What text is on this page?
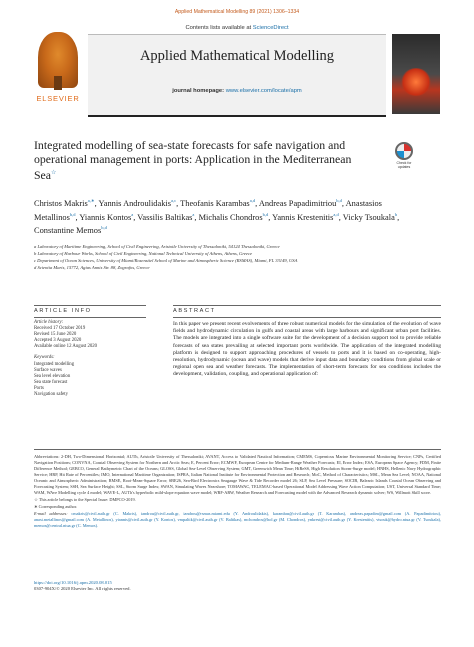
Applied Mathematical Modelling 89 (2021) 1306–1334
ELSEVIER
Contents lists available at ScienceDirect
Applied Mathematical Modelling
journal homepage: www.elsevier.com/locate/apm
Integrated modelling of sea-state forecasts for safe navigation and operational management in ports: Application in the Mediterranean Sea☆
Check for updates
Christos Makris$^{a,∗}$, Yannis Androulidakis$^{a,c}$, Theofanis Karambas$^{a,d}$, Andreas Papadimitriou$^{b,d}$, Anastasios Metallinos$^{b,d}$, Yiannis Kontos$^a$, Vassilis Baltikas$^a$, Michalis Chondros$^{b,d}$, Yannis Krestenitis$^{a,d}$, Vicky Tsoukala$^b$, Constantine Memos$^{b,d}$

a Laboratory of Maritime Engineering, School of Civil Engineering, Aristotle University of Thessaloniki, 54124 Thessaloniki, Greece

b Laboratory of Harbour Works, School of Civil Engineering, National Technical University of Athens, Athens, Greece

c Department of Ocean Sciences, University of Miami/Rosenstiel School of Marine and Atmospheric Science (RSMAS), Miami, FL 33149, USA

d Scientia Maris, 15772, Agias Annis Str. 88, Zografos, Greece

ARTICLE INFO	ABSTRACT

Article history:

Received 17 October 2019

Revised 15 June 2020

Accepted 3 August 2020

Available online 12 August 2020

Keywords:

Integrated modelling

Surface waves

Sea level elevation

Sea state forecast

Ports

Navigation safety

In this paper we present recent evolvements of three robust numerical models for the simulation of the evolution of wave fields and hydrodynamic circulation in gulfs and coastal areas with large harbours and significant urban port facilities. The models are integrated into a single software suite for the development of a decision support tool to provide reliable forecasts of sea states prevailing at selected important ports worldwide. The application of the integrated modelling platform is designed to support approaching procedures of vessels to ports and it is based on co-operating, high-resolution, hydrodynamic (ocean and wave) models that derive input data and boundary conditions from global scale or regional open sea and weather forecasts. The implementation of short-term forecasts for sea conditions includes the development, validation, coupling, and operational application of:

Abbreviations: 2-DH, Two-Dimensional Horizontal; AUTh, Aristotle University of Thessaloniki; AVANT, Access to Validated Nautical Information; CMEMS, Copernicus Marine Environmental Monitoring Service; CNPs, Certified Navigation Positions; CONVNA, Coastal Observing System for Northern and Arctic Seas; E, Percent Error; ECMWF, European Centre for Medium-Range Weather Forecasts; EI, Error Index; ESA, European Space Agency; FDM, Finite Difference Method; GEBCO, General Bathymetric Chart of the Oceans; GLOSS, Global Sea-Level Observing System; GMT, Greenwich Mean Time; HiReSS, High Resolution Storm-Surge model; HNHS, Hellenic Navy Hydrographic Service; HRP, Hit Rate of Percentiles; IMO, International Maritime Organization; ISPRA, Italian National Institute for Environmental Protection and Research; MoC, Method of Characteristics; MSL, Mean Sea Level; NOAA, National Oceanic and Atmospheric Administration; RMSE, Root-Mean-Square Error; SBE26, Sea-Bird Electronics Seagauge Wave & Tide Recorder model 26; SLP, Sea Level Pressure; SOCIB, Balearic Islands Coastal Ocean Observing and Forecasting System; SSH, Sea Surface Height; SSL, Storm Surge Index; SWAN, Simulating Waves Nearshore; TOMAWAC, TELEMAC-based Operational Model Addressing Wave Action Computation; UST, Universal Standard Time; WAM, WAve Modelling cycle 4 model; WAVE-L, AUTh's hyperbolic mild-slope equation wave model; WRF-ARW, Weather Research and Forecasting model with the Advanced Research dynamic solver; WS, Willmott Skill score.

☆ This article belongs to the Special Issue: DMPCO-2019.

∗ Corresponding author.

E-mail addresses: cmakris@civil.auth.gr (C. Makris), iandrou@civil.auth.gr, iandrou@rsmas.miami.edu (Y. Androulidakis), karambas@civil.auth.gr (T. Karambas), andreas.papadim@gmail.com (A. Papadimitriou), anast.metallinos@gmail.com (A. Metallinos), yiannis@civil.auth.gr (Y. Kontos), vmpaltik@civil.auth.gr (V. Baltikas), mchondros@hol.gr (M. Chondros), ynkrest@civil.auth.gr (Y. Krestenitis), vtsouk@hydro.ntua.gr (V. Tsoukala), memos@central.ntua.gr (C. Memos).

https://doi.org/10.1016/j.apm.2020.08.015
0307-904X/© 2020 Elsevier Inc. All rights reserved.
